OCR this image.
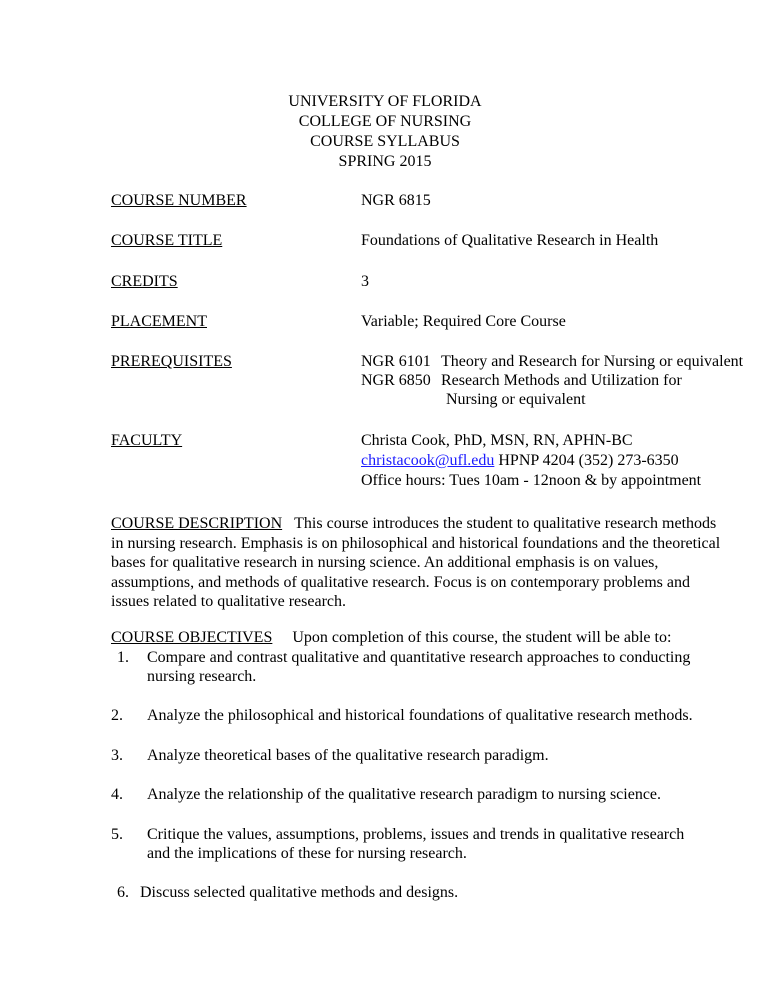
UNIVERSITY OF FLORIDA
COLLEGE OF NURSING
COURSE SYLLABUS
SPRING 2015
COURSE NUMBER	NGR 6815
COURSE TITLE	Foundations of Qualitative Research in Health
CREDITS	3
PLACEMENT	Variable; Required Core Course
PREREQUISITES	NGR 6101 Theory and Research for Nursing or equivalent
NGR 6850 Research Methods and Utilization for
Nursing or equivalent
FACULTY	Christa Cook, PhD, MSN, RN, APHN-BC
christacook@ufl.edu HPNP 4204 (352) 273-6350
Office hours: Tues 10am - 12noon & by appointment
COURSE DESCRIPTION This course introduces the student to qualitative research methods
in nursing research. Emphasis is on philosophical and historical foundations and the theoretical
bases for qualitative research in nursing science. An additional emphasis is on values,
assumptions, and methods of qualitative research. Focus is on contemporary problems and
issues related to qualitative research.
COURSE OBJECTIVES Upon completion of this course, the student will be able to:
1. Compare and contrast qualitative and quantitative research approaches to conducting
nursing research.
2. Analyze the philosophical and historical foundations of qualitative research methods.
3. Analyze theoretical bases of the qualitative research paradigm.
4. Analyze the relationship of the qualitative research paradigm to nursing science.
5. Critique the values, assumptions, problems, issues and trends in qualitative research
and the implications of these for nursing research.
6. Discuss selected qualitative methods and designs.
